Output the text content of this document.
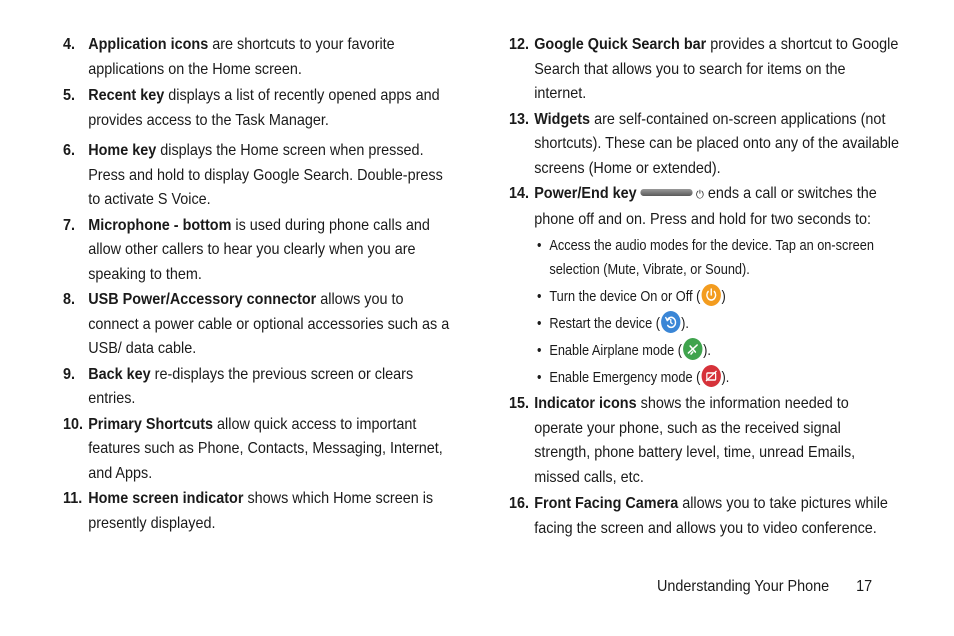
4. Application icons are shortcuts to your favorite applications on the Home screen.
5. Recent key displays a list of recently opened apps and provides access to the Task Manager.
6. Home key displays the Home screen when pressed. Press and hold to display Google Search. Double-press to activate S Voice.
7. Microphone - bottom is used during phone calls and allow other callers to hear you clearly when you are speaking to them.
8. USB Power/Accessory connector allows you to connect a power cable or optional accessories such as a USB/ data cable.
9. Back key re-displays the previous screen or clears entries.
10. Primary Shortcuts allow quick access to important features such as Phone, Contacts, Messaging, Internet, and Apps.
11. Home screen indicator shows which Home screen is presently displayed.
12. Google Quick Search bar provides a shortcut to Google Search that allows you to search for items on the internet.
13. Widgets are self-contained on-screen applications (not shortcuts). These can be placed onto any of the available screens (Home or extended).
14. Power/End key	⏻ ends a call or switches the phone off and on. Press and hold for two seconds to:
• Access the audio modes for the device. Tap an on-screen selection (Mute, Vibrate, or Sound).
• Turn the device On or Off ( )
• Restart the device ( ).
• Enable Airplane mode ( ).
• Enable Emergency mode ( ).
15. Indicator icons shows the information needed to operate your phone, such as the received signal strength, phone battery level, time, unread Emails, missed calls, etc.
16. Front Facing Camera allows you to take pictures while facing the screen and allows you to video conference.
Understanding Your Phone 17
